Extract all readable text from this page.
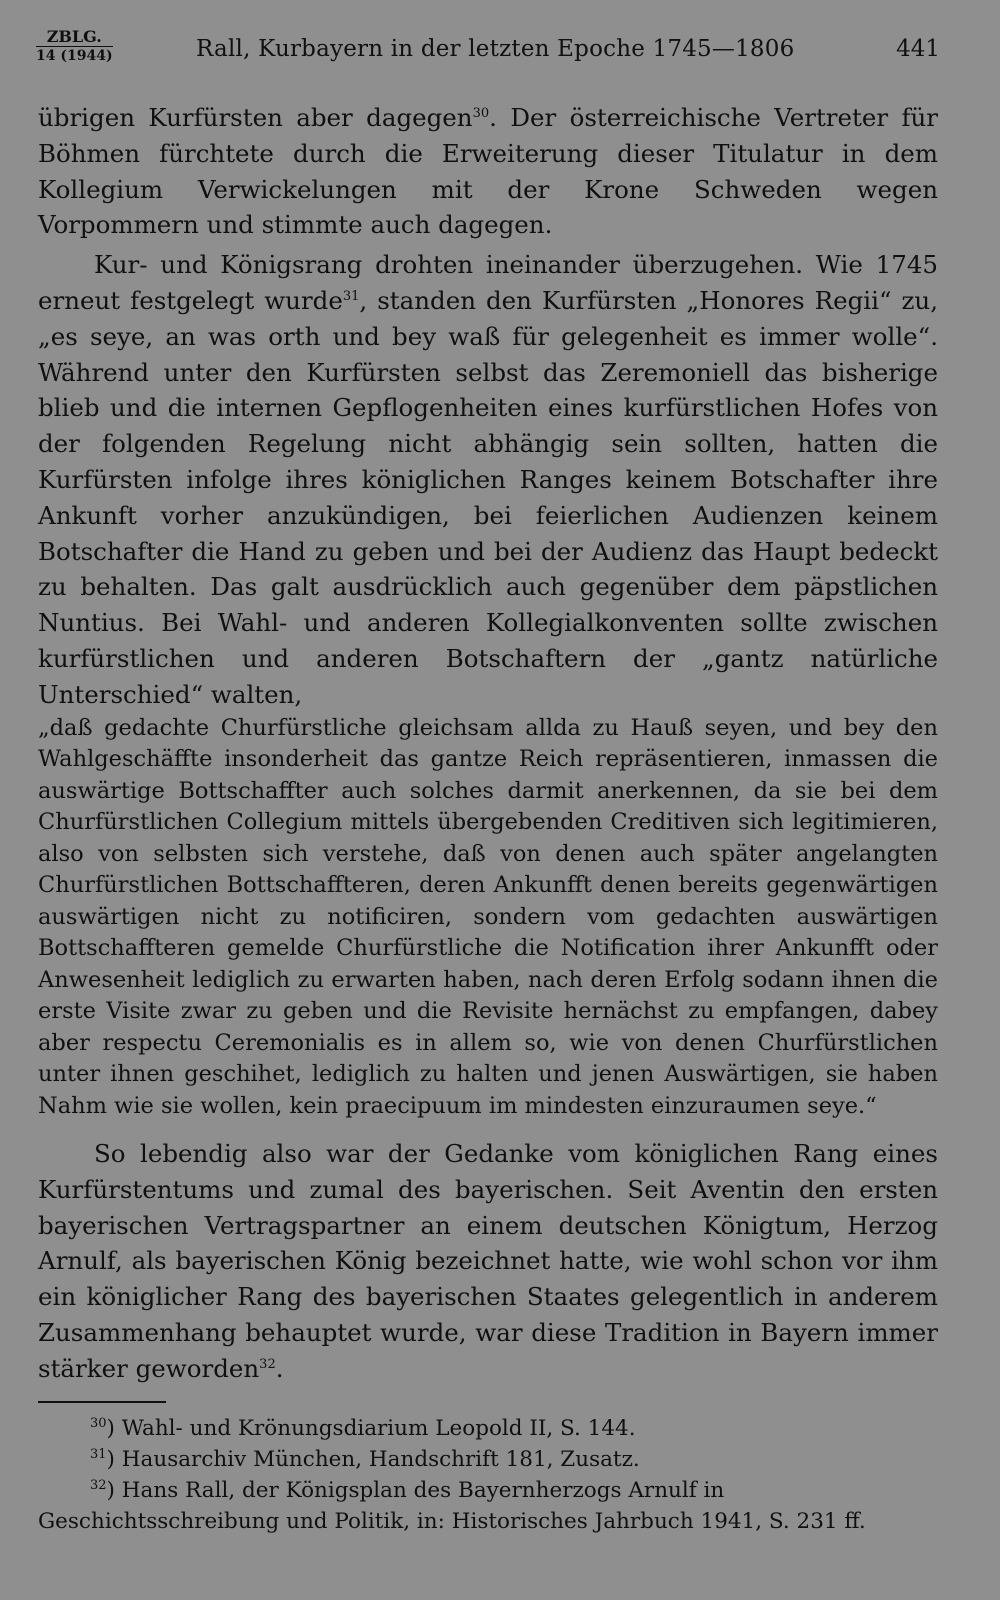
ZBLG.
14 (1944)	Rall, Kurbayern in der letzten Epoche 1745—1806	441

übrigen Kurfürsten aber dagegen$^{30}$. Der österreichische Vertreter für Böhmen fürchtete durch die Erweiterung dieser Titulatur in dem Kollegium Verwickelungen mit der Krone Schweden wegen Vorpommern und stimmte auch dagegen.

Kur- und Königsrang drohten ineinander überzugehen. Wie 1745 erneut festgelegt wurde$^{31}$, standen den Kurfürsten „Honores Regii“ zu, „es seye, an was orth und bey waß für gelegenheit es immer wolle“. Während unter den Kurfürsten selbst das Zeremoniell das bisherige blieb und die internen Gepflogenheiten eines kurfürstlichen Hofes von der folgenden Regelung nicht abhängig sein sollten, hatten die Kurfürsten infolge ihres königlichen Ranges keinem Botschafter ihre Ankunft vorher anzukündigen, bei feierlichen Audienzen keinem Botschafter die Hand zu geben und bei der Audienz das Haupt bedeckt zu behalten. Das galt ausdrücklich auch gegenüber dem päpstlichen Nuntius. Bei Wahl- und anderen Kollegialkonventen sollte zwischen kurfürstlichen und anderen Botschaftern der „gantz natürliche Unterschied“ walten,

„daß gedachte Churfürstliche gleichsam allda zu Hauß seyen, und bey den Wahlgeschäffte insonderheit das gantze Reich repräsentieren, inmassen die auswärtige Bottschaffter auch solches darmit anerkennen, da sie bei dem Churfürstlichen Collegium mittels übergebenden Creditiven sich legitimieren, also von selbsten sich verstehe, daß von denen auch später angelangten Churfürstlichen Bottschaffteren, deren Ankunfft denen bereits gegenwärtigen auswärtigen nicht zu notificiren, sondern vom gedachten auswärtigen Bottschaffteren gemelde Churfürstliche die Notification ihrer Ankunfft oder Anwesenheit lediglich zu erwarten haben, nach deren Erfolg sodann ihnen die erste Visite zwar zu geben und die Revisite hernächst zu empfangen, dabey aber respectu Ceremonialis es in allem so, wie von denen Churfürstlichen unter ihnen geschihet, lediglich zu halten und jenen Auswärtigen, sie haben Nahm wie sie wollen, kein praecipuum im mindesten einzuraumen seye.“

So lebendig also war der Gedanke vom königlichen Rang eines Kurfürstentums und zumal des bayerischen. Seit Aventin den ersten bayerischen Vertragspartner an einem deutschen Königtum, Herzog Arnulf, als bayerischen König bezeichnet hatte, wie wohl schon vor ihm ein königlicher Rang des bayerischen Staates gelegentlich in anderem Zusammenhang behauptet wurde, war diese Tradition in Bayern immer stärker geworden$^{32}$.

$^{30}$) Wahl- und Krönungsdiarium Leopold II, S. 144.

$^{31}$) Hausarchiv München, Handschrift 181, Zusatz.

$^{32}$) Hans Rall, der Königsplan des Bayernherzogs Arnulf in Geschichtsschreibung und Politik, in: Historisches Jahrbuch 1941, S. 231 ff.
